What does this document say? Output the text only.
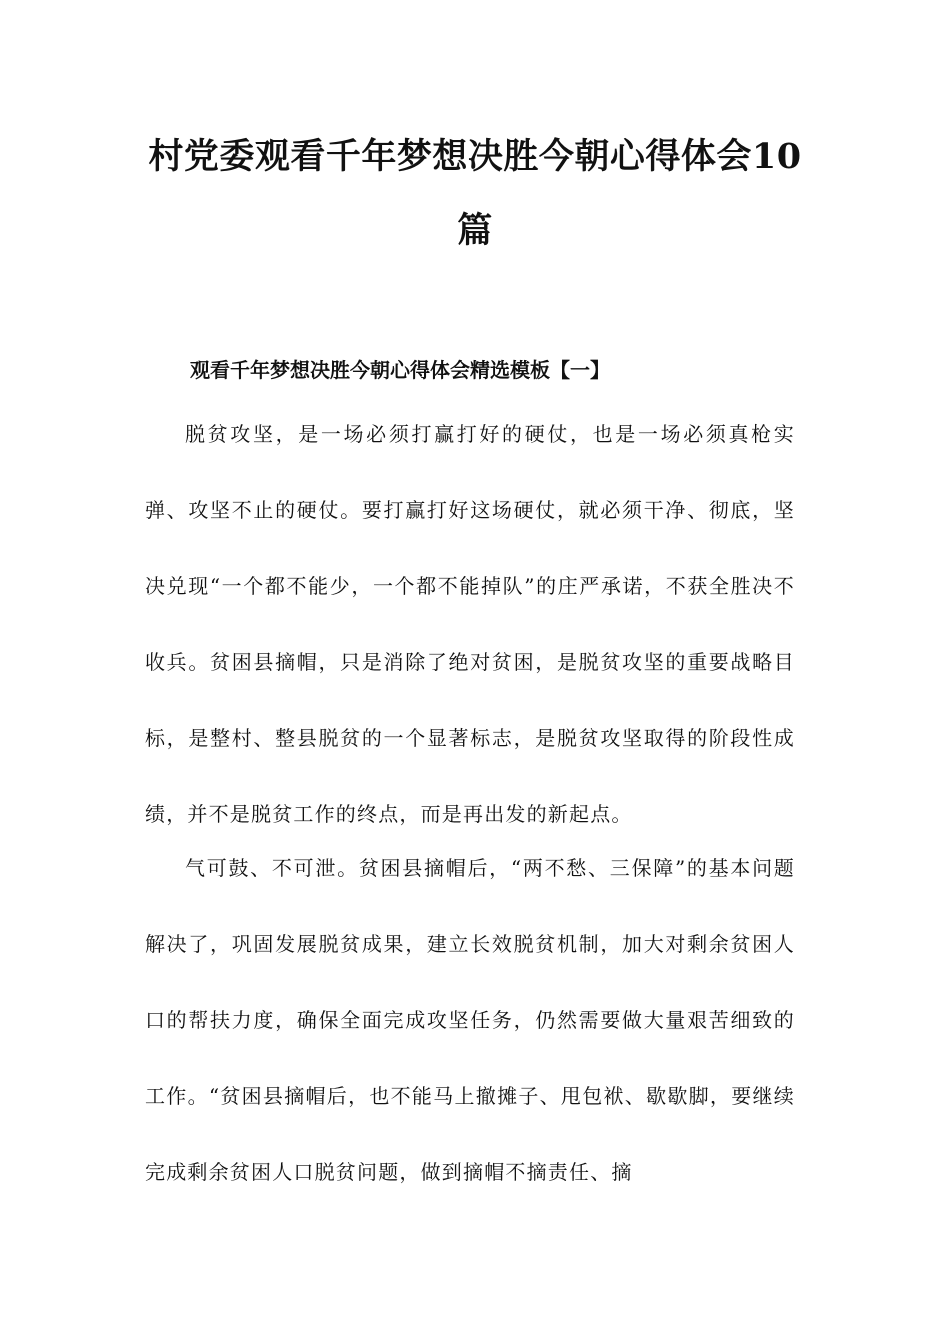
村党委观看千年梦想决胜今朝心得体会10篇
观看千年梦想决胜今朝心得体会精选模板【一】

脱贫攻坚，是一场必须打赢打好的硬仗，也是一场必须真枪实弹、攻坚不止的硬仗。要打赢打好这场硬仗，就必须干净、彻底，坚决兑现“一个都不能少，一个都不能掉队”的庄严承诺，不获全胜决不收兵。贫困县摘帽，只是消除了绝对贫困，是脱贫攻坚的重要战略目标，是整村、整县脱贫的一个显著标志，是脱贫攻坚取得的阶段性成绩，并不是脱贫工作的终点，而是再出发的新起点。

气可鼓、不可泄。贫困县摘帽后，“两不愁、三保障”的基本问题解决了，巩固发展脱贫成果，建立长效脱贫机制，加大对剩余贫困人口的帮扶力度，确保全面完成攻坚任务，仍然需要做大量艰苦细致的工作。“贫困县摘帽后，也不能马上撤摊子、甩包袱、歇歇脚，要继续完成剩余贫困人口脱贫问题，做到摘帽不摘责任、摘
